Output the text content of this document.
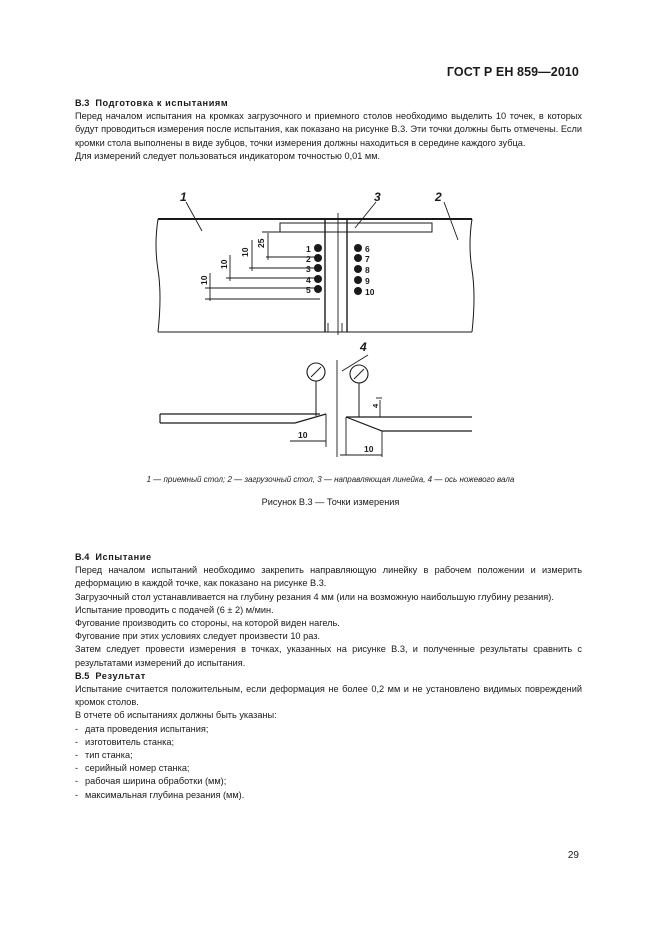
ГОСТ Р ЕН 859—2010

В.3 Подготовка к испытаниям

Перед началом испытания на кромках загрузочного и приемного столов необходимо выделить 10 точек, в которых будут проводиться измерения после испытания, как показано на рисунке В.3. Эти точки должны быть отмечены. Если кромки стола выполнены в виде зубцов, точки измерения должны находиться в середине каждого зубца.

Для измерений следует пользоваться индикатором точностью 0,01 мм.

1	2
3
4
1
2
3
4
5
6
7
8
9
10
10
10
10
25
10
10
4
1 — приемный стол; 2 — загрузочный стол, 3 — направляющая линейка, 4 — ось ножевого вала
Рисунок В.3 — Точки измерения

В.4 Испытание

Перед началом испытаний необходимо закрепить направляющую линейку в рабочем положении и измерить деформацию в каждой точке, как показано на рисунке В.3.

Загрузочный стол устанавливается на глубину резания 4 мм (или на возможную наибольшую глубину резания).

Испытание проводить с подачей (6 ± 2) м/мин.

Фугование производить со стороны, на которой виден нагель.

Фугование при этих условиях следует произвести 10 раз.

Затем следует провести измерения в точках, указанных на рисунке В.3, и полученные результаты сравнить с результатами измерений до испытания.

В.5 Результат

Испытание считается положительным, если деформация не более 0,2 мм и не установлено видимых повреждений кромок столов.

В отчете об испытаниях должны быть указаны:

- дата проведения испытания;
- изготовитель станка;
- тип станка;
- серийный номер станка;
- рабочая ширина обработки (мм);
- максимальная глубина резания (мм).
29
